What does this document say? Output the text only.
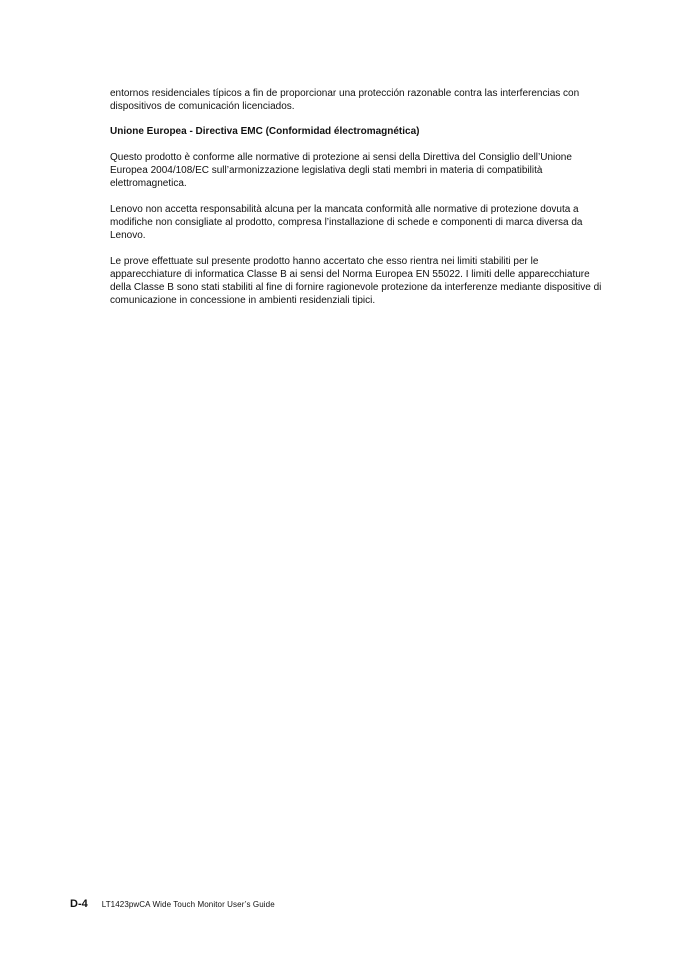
entornos residenciales típicos a fin de proporcionar una protección razonable contra las interferencias con dispositivos de comunicación licenciados.

Unione Europea - Directiva EMC (Conformidad électromagnética)

Questo prodotto è conforme alle normative di protezione ai sensi della Direttiva del Consiglio dell’Unione Europea 2004/108/EC sull’armonizzazione legislativa degli stati membri in materia di compatibilità elettromagnetica.

Lenovo non accetta responsabilità alcuna per la mancata conformità alle normative di protezione dovuta a modifiche non consigliate al prodotto, compresa l’installazione di schede e componenti di marca diversa da Lenovo.

Le prove effettuate sul presente prodotto hanno accertato che esso rientra nei limiti stabiliti per le apparecchiature di informatica Classe B ai sensi del Norma Europea EN 55022. I limiti delle apparecchiature della Classe B sono stati stabiliti al fine di fornire ragionevole protezione da interferenze mediante dispositive di comunicazione in concessione in ambienti residenziali tipici.

D-4 LT1423pwCA Wide Touch Monitor User’s Guide
